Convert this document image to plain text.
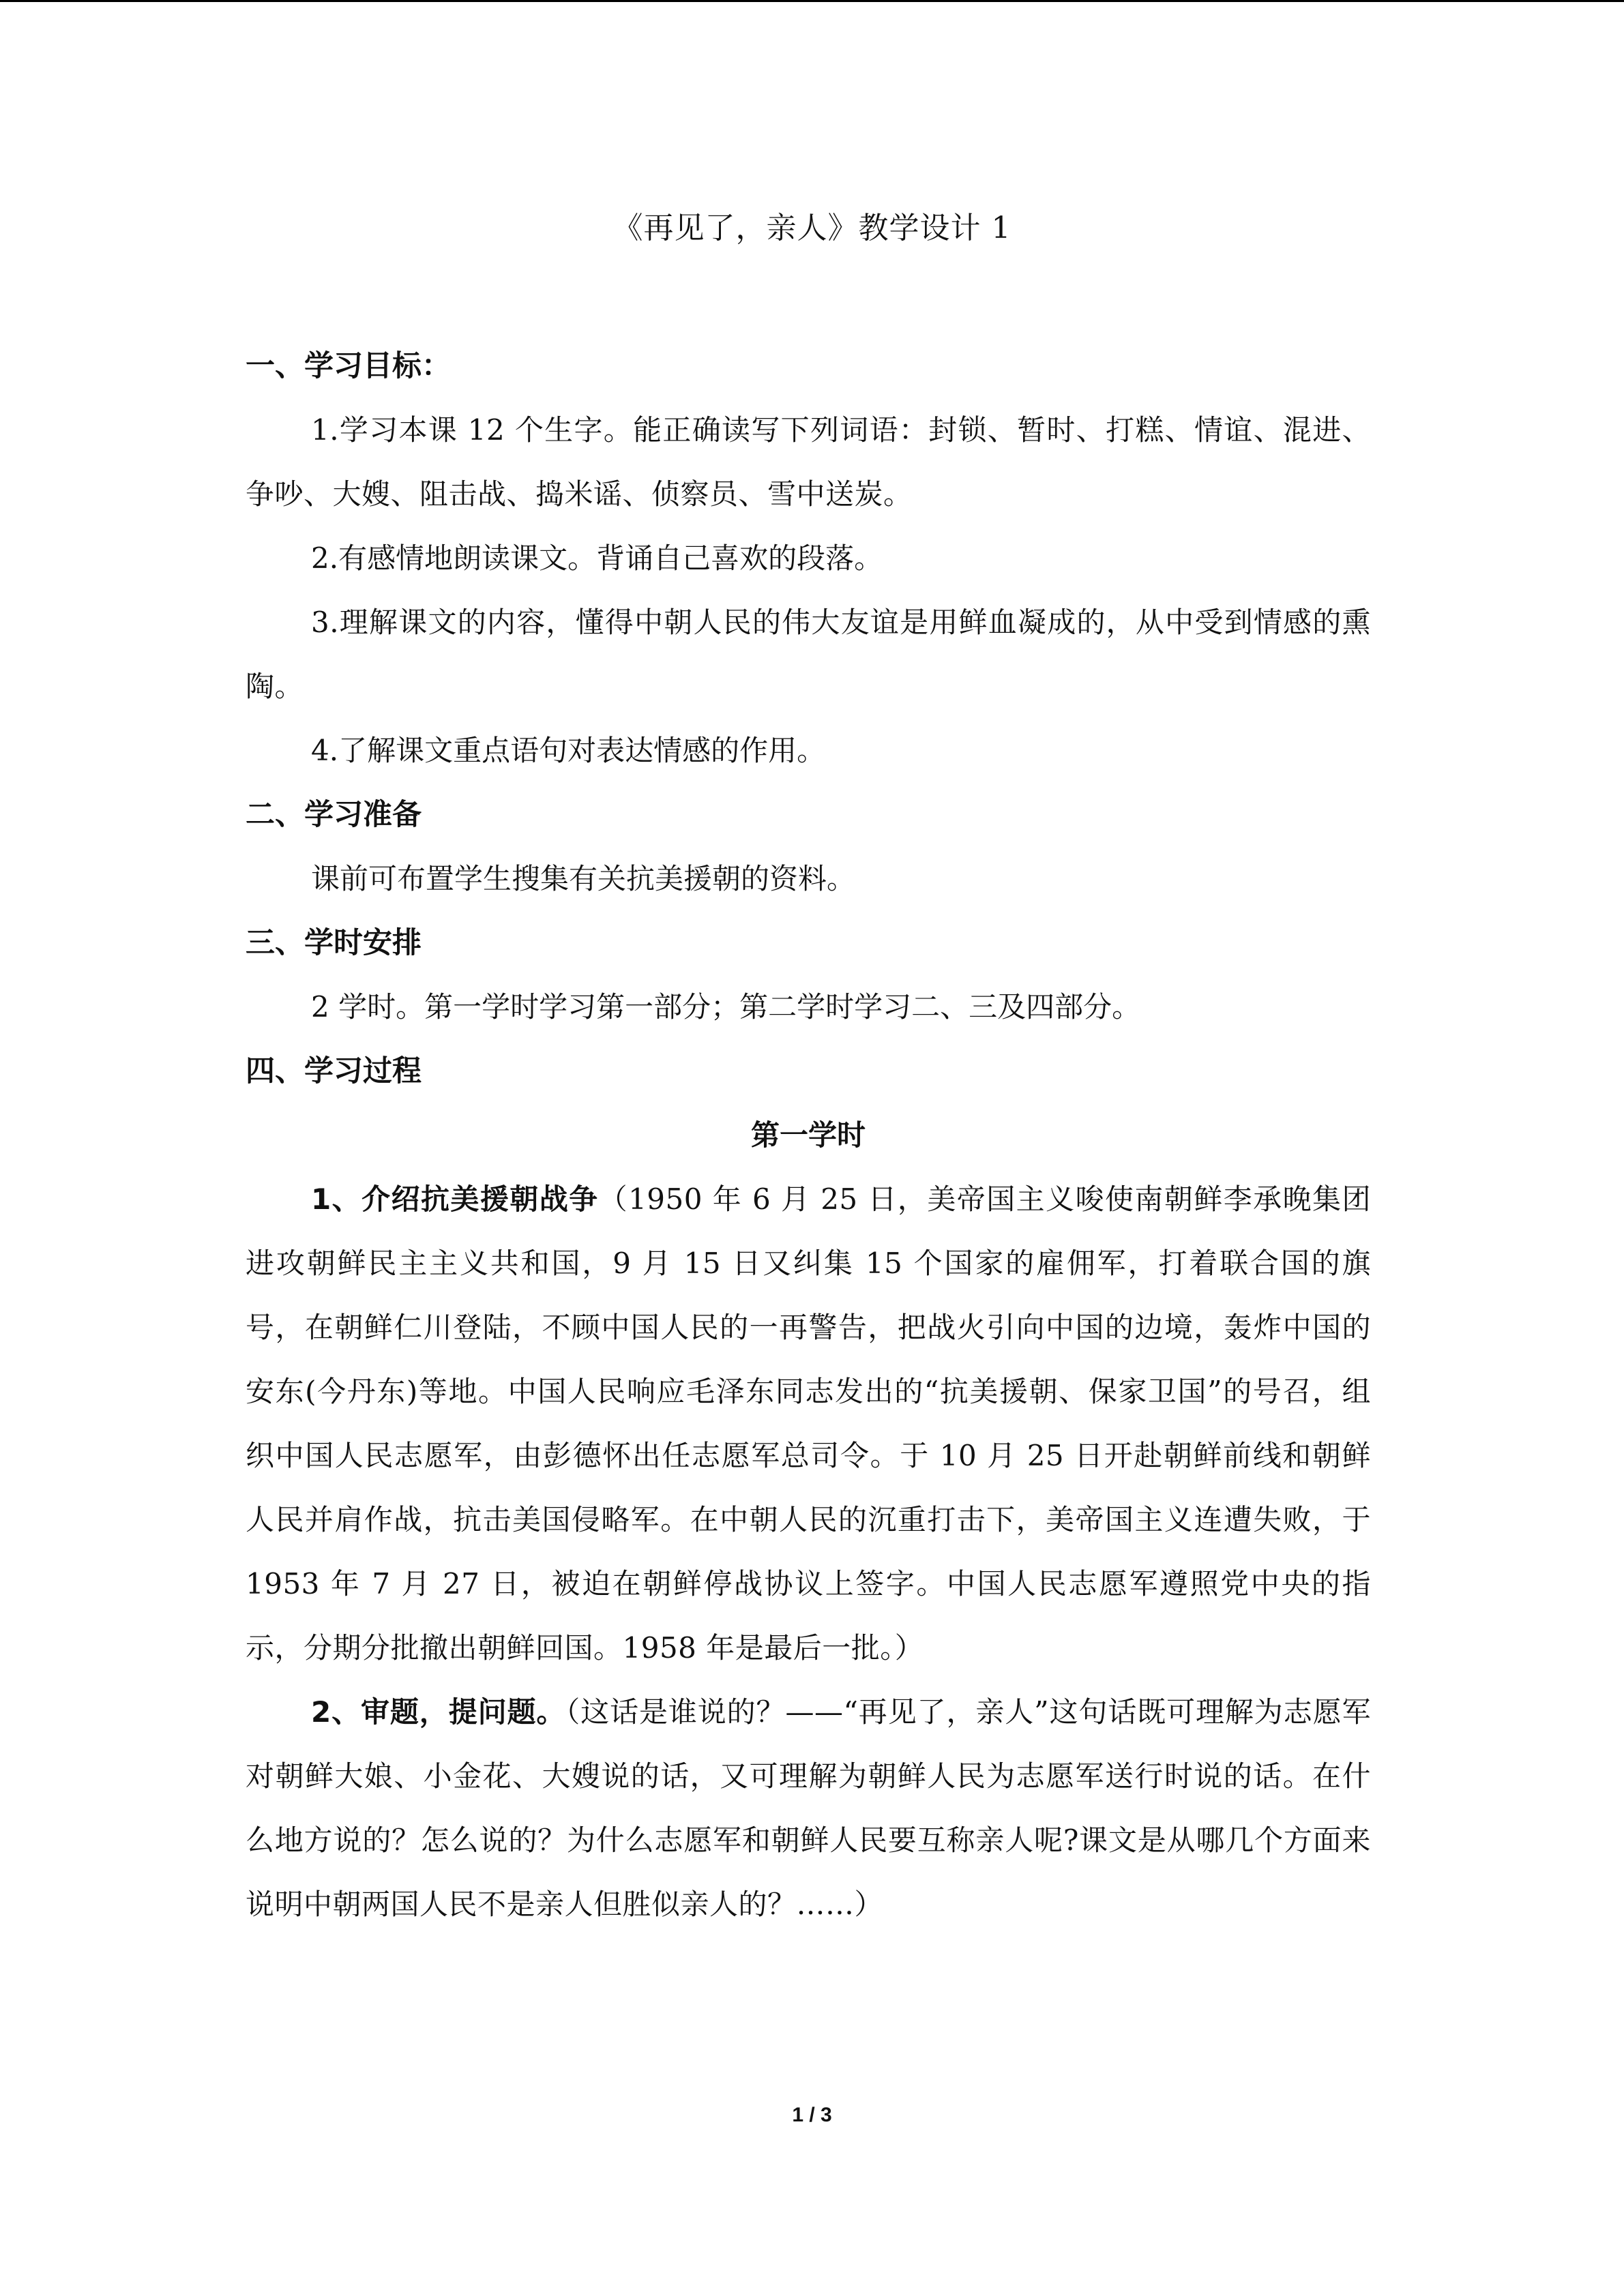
《再见了，亲人》教学设计 1

一、学习目标：

1.学习本课 12 个生字。能正确读写下列词语：封锁、暂时、打糕、情谊、混进、争吵、大嫂、阻击战、捣米谣、侦察员、雪中送炭。

2.有感情地朗读课文。背诵自己喜欢的段落。

3.理解课文的内容，懂得中朝人民的伟大友谊是用鲜血凝成的，从中受到情感的熏陶。

4.了解课文重点语句对表达情感的作用。

二、学习准备

课前可布置学生搜集有关抗美援朝的资料。

三、学时安排

2 学时。第一学时学习第一部分；第二学时学习二、三及四部分。

四、学习过程

第一学时

1、介绍抗美援朝战争（1950 年 6 月 25 日，美帝国主义唆使南朝鲜李承晚集团进攻朝鲜民主主义共和国，9 月 15 日又纠集 15 个国家的雇佣军，打着联合国的旗号，在朝鲜仁川登陆，不顾中国人民的一再警告，把战火引向中国的边境，轰炸中国的安东(今丹东)等地。中国人民响应毛泽东同志发出的“抗美援朝、保家卫国”的号召，组织中国人民志愿军，由彭德怀出任志愿军总司令。于 10 月 25 日开赴朝鲜前线和朝鲜人民并肩作战，抗击美国侵略军。在中朝人民的沉重打击下，美帝国主义连遭失败，于 1953 年 7 月 27 日，被迫在朝鲜停战协议上签字。中国人民志愿军遵照党中央的指示，分期分批撤出朝鲜回国。1958 年是最后一批。）

2、审题，提问题。（这话是谁说的？——“再见了，亲人”这句话既可理解为志愿军对朝鲜大娘、小金花、大嫂说的话，又可理解为朝鲜人民为志愿军送行时说的话。在什么地方说的？怎么说的？为什么志愿军和朝鲜人民要互称亲人呢?课文是从哪几个方面来说明中朝两国人民不是亲人但胜似亲人的？……）

1 / 3
